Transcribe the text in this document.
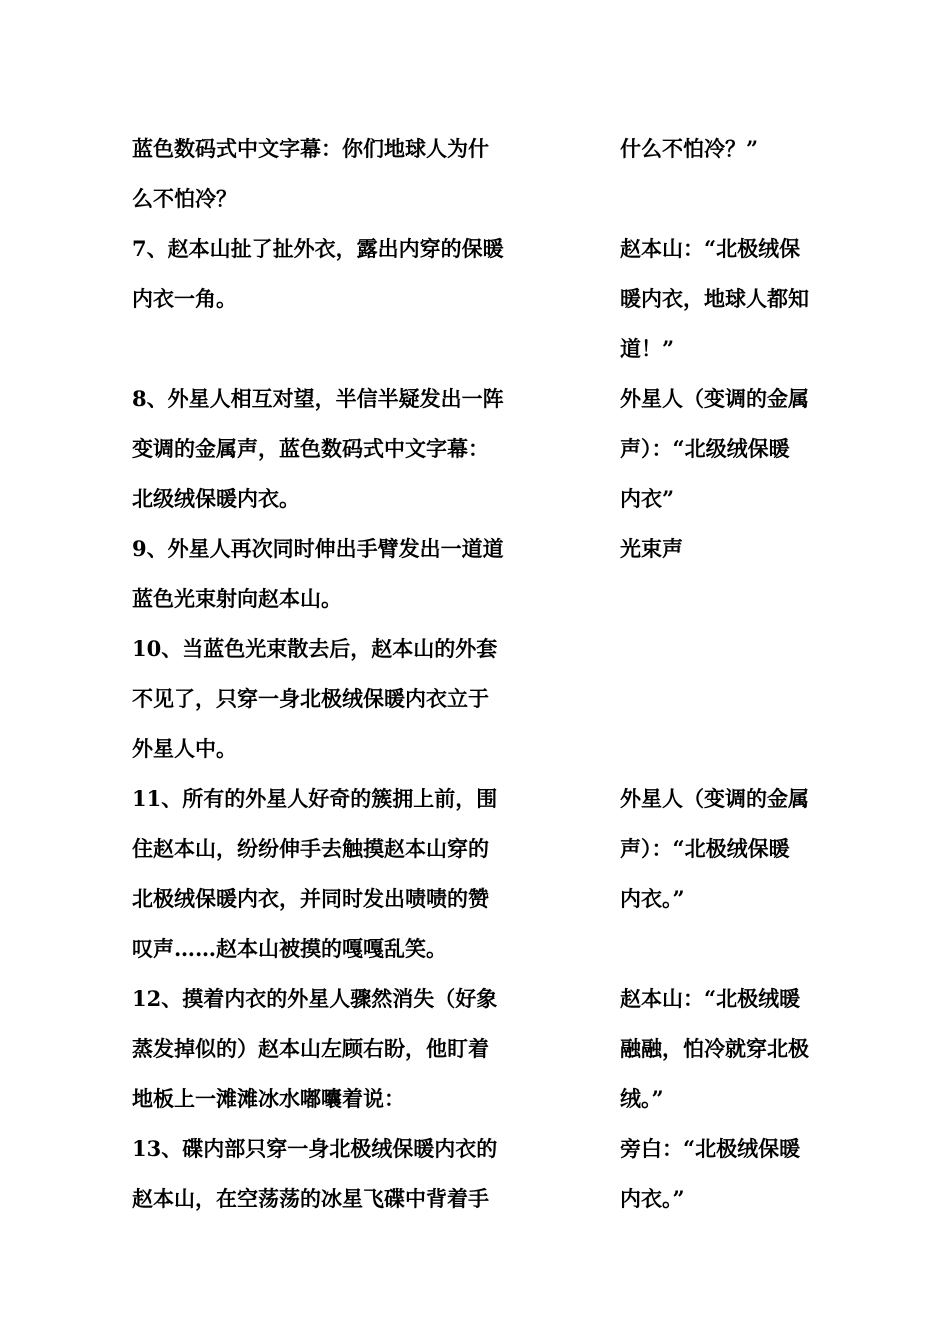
蓝色数码式中文字幕：你们地球人为什
么不怕冷？
什么不怕冷？”
7、赵本山扯了扯外衣，露出内穿的保暖
内衣一角。
赵本山：“北极绒保
暖内衣，地球人都知
道！”
8、外星人相互对望，半信半疑发出一阵
变调的金属声，蓝色数码式中文字幕：
北级绒保暖内衣。
外星人（变调的金属
声）：“北级绒保暖
内衣”
9、外星人再次同时伸出手臂发出一道道
蓝色光束射向赵本山。
光束声
10、当蓝色光束散去后，赵本山的外套
不见了，只穿一身北极绒保暖内衣立于
外星人中。
11、所有的外星人好奇的簇拥上前，围
住赵本山，纷纷伸手去触摸赵本山穿的
北极绒保暖内衣，并同时发出啧啧的赞
叹声……赵本山被摸的嘎嘎乱笑。
外星人（变调的金属
声）：“北极绒保暖
内衣。”
12、摸着内衣的外星人骤然消失（好象
蒸发掉似的）赵本山左顾右盼，他盯着
地板上一滩滩冰水嘟囔着说：
赵本山：“北极绒暖
融融，怕冷就穿北极
绒。”
13、碟内部只穿一身北极绒保暖内衣的
赵本山，在空荡荡的冰星飞碟中背着手
旁白：“北极绒保暖
内衣。”
